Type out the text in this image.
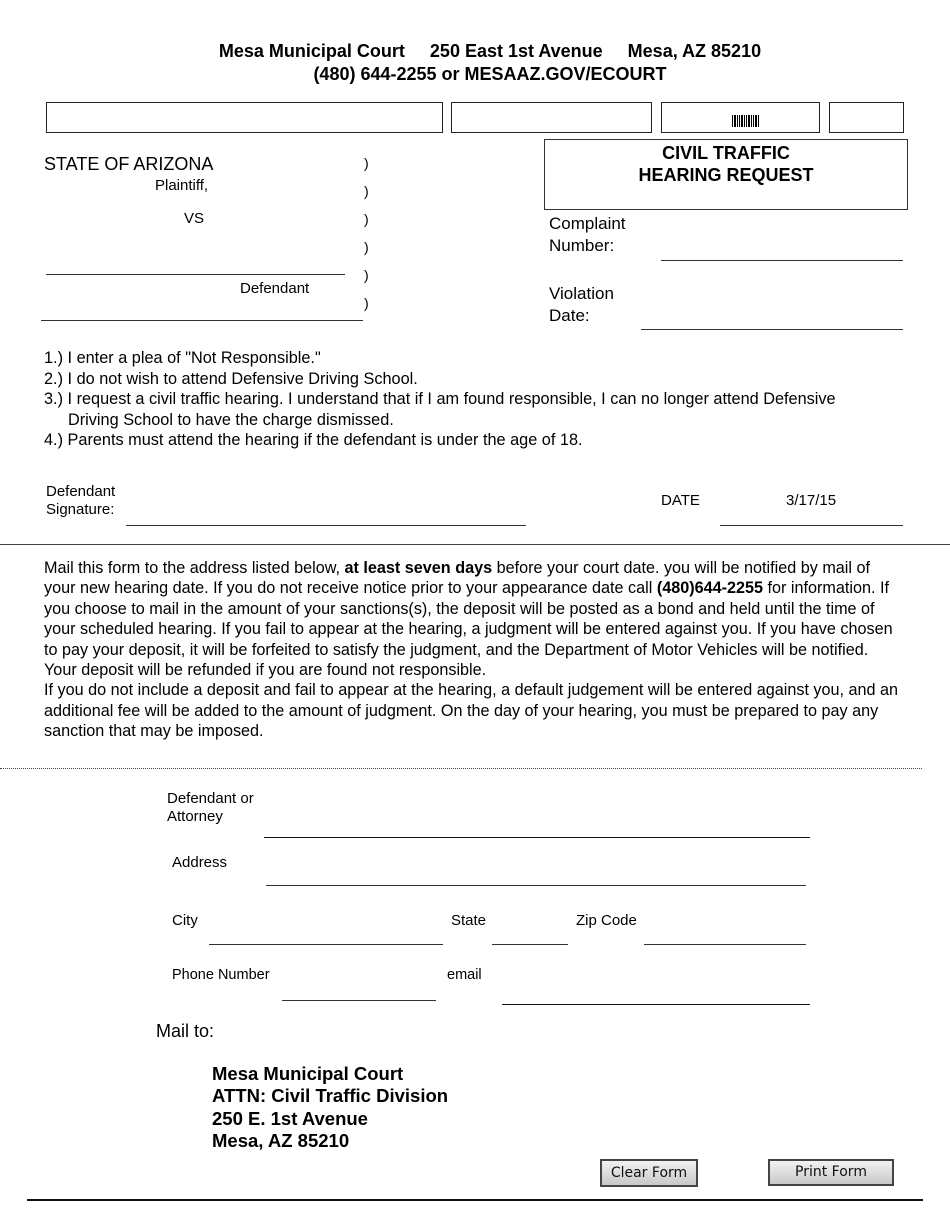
Mesa Municipal Court     250 East 1st Avenue     Mesa, AZ 85210
(480) 644-2255 or MESAAZ.GOV/ECOURT
STATE OF ARIZONA
Plaintiff,
VS
Defendant
)
)
)
)
)
)
CIVIL TRAFFIC
HEARING REQUEST
Complaint
Number:
Violation
Date:
1.) I enter a plea of "Not Responsible."
2.) I do not wish to attend Defensive Driving School.
3.) I request a civil traffic hearing. I understand that if I am found responsible, I can no longer attend Defensive
Driving School to have the charge dismissed.
4.) Parents must attend the hearing if the defendant is under the age of 18.
Defendant
Signature:
DATE	3/17/15
Mail this form to the address listed below, at least seven days before your court date. you will be notified by mail of your new hearing date. If you do not receive notice prior to your appearance date call (480)644-2255 for information. If you choose to mail in the amount of your sanctions(s), the deposit will be posted as a bond and held until the time of your scheduled hearing. If you fail to appear at the hearing, a judgment will be entered against you. If you have chosen to pay your deposit, it will be forfeited to satisfy the judgment, and the Department of Motor Vehicles will be notified. Your deposit will be refunded if you are found not responsible.
If you do not include a deposit and fail to appear at the hearing, a default judgement will be entered against you, and an additional fee will be added to the amount of judgment. On the day of your hearing, you must be prepared to pay any sanction that may be imposed.
Defendant or
Attorney
Address
City	State	Zip Code
Phone Number	email
Mail to:
Mesa Municipal Court
ATTN: Civil Traffic Division
250 E. 1st Avenue
Mesa, AZ 85210
Clear Form	Print Form
